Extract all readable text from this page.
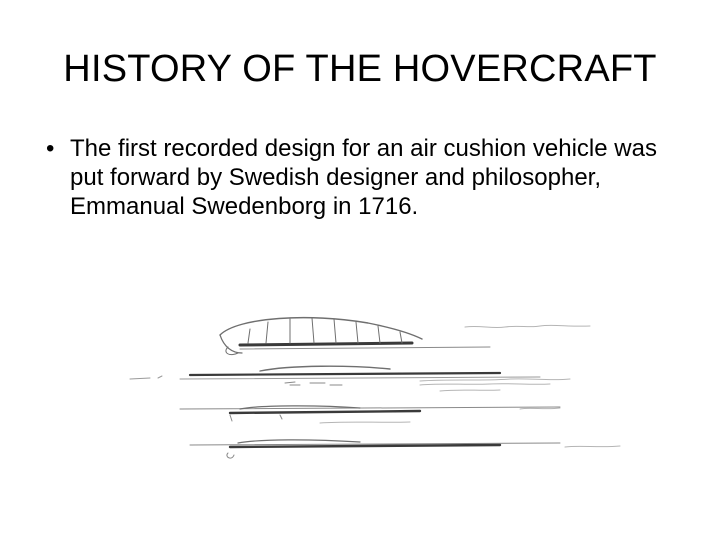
HISTORY OF THE HOVERCRAFT
• The first recorded design for an air cushion vehicle was put forward by Swedish designer and philosopher, Emmanual Swedenborg in 1716.
